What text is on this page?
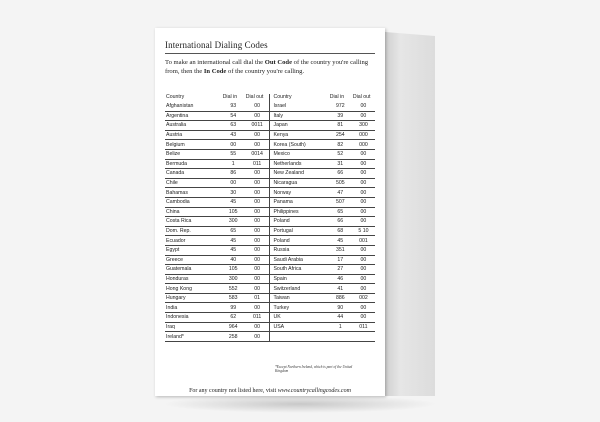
International Dialing Codes
To make an international call dial the Out Code of the country you're calling from, then the In Code of the country you're calling.
Country	Dial in	Dial out	Country	Dial in	Dial out
Afghanistan	93	00	Israel	972	00
Argentina	54	00	Italy	39	00
Australia	63	0011	Japan	81	300
Austria	43	00	Kenya	254	000
Belgium	00	00	Korea (South)	82	000
Belize	55	0014	Mexico	52	00
Bermuda	1	011	Netherlands	31	00
Canada	86	00	New Zealand	66	00
Chile	00	00	Nicaragua	505	00
Bahamas	30	00	Norway	47	00
Cambodia	45	00	Panama	507	00
China	105	00	Philippines	65	00
Costa Rica	300	00	Poland	66	00
Dom. Rep.	65	00	Portugal	68	5 10
Ecuador	45	00	Poland	45	001
Egypt	45	00	Russia	351	00
Greece	40	00	Saudi Arabia	17	00
Guatemala	105	00	South Africa	27	00
Honduras	300	00	Spain	46	00
Hong Kong	552	00	Switzerland	41	00
Hungary	583	01	Taiwan	886	002
India	99	00	Turkey	90	00
Indonesia	62	011	UK	44	00
Iraq	964	00	USA	1	011
Ireland*	258	00			
*Except Northern Ireland, which is part of the United Kingdom
For any country not listed here, visit www.countrycallingcodes.com
